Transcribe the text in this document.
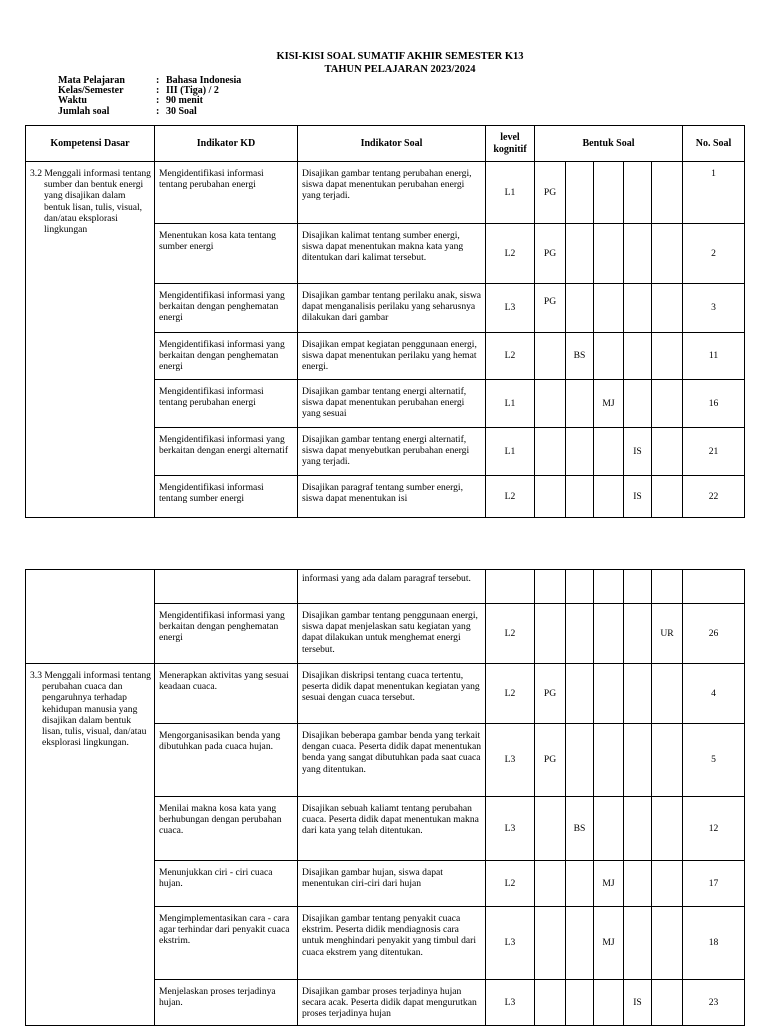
KISI-KISI SOAL SUMATIF AKHIR SEMESTER K13
TAHUN PELAJARAN 2023/2024
Mata Pelajaran	: Bahasa Indonesia
Kelas/Semester	: III (Tiga) / 2
Waktu	: 90 menit
Jumlah soal	: 30 Soal
Kompetensi Dasar	Indikator KD	Indikator Soal	level kognitif	Bentuk Soal					No. Soal

3.2 Menggali informasi tentang sumber dan bentuk energi yang disajikan dalam bentuk lisan, tulis, visual, dan/atau eksplorasi lingkungan	Mengidentifikasi informasi tentang perubahan energi	Disajikan gambar tentang perubahan energi, siswa dapat menentukan perubahan energi yang terjadi.	L1	PG					1
	Menentukan kosa kata tentang sumber energi	Disajikan kalimat tentang sumber energi, siswa dapat menentukan makna kata yang ditentukan dari kalimat tersebut.	L2	PG					2
	Mengidentifikasi informasi yang berkaitan dengan penghematan energi	Disajikan gambar tentang perilaku anak, siswa dapat menganalisis perilaku yang seharusnya dilakukan dari gambar	L3	PG					3
	Mengidentifikasi informasi yang berkaitan dengan penghematan energi	Disajikan empat kegiatan penggunaan energi, siswa dapat menentukan perilaku yang hemat energi.	L2		BS				11
	Mengidentifikasi informasi tentang perubahan energi	Disajikan gambar tentang energi alternatif, siswa dapat menentukan perubahan energi yang sesuai	L1			MJ			16
	Mengidentifikasi informasi yang berkaitan dengan energi alternatif	Disajikan gambar tentang energi alternatif, siswa dapat menyebutkan perubahan energi yang terjadi.	L1				IS		21
	Mengidentifikasi informasi tentang sumber energi	Disajikan paragraf tentang sumber energi, siswa dapat menentukan isi	L2				IS		22
		informasi yang ada dalam paragraf tersebut.							
	Mengidentifikasi informasi yang berkaitan dengan penghematan energi	Disajikan gambar tentang penggunaan energi, siswa dapat menjelaskan satu kegiatan yang dapat dilakukan untuk menghemat energi tersebut.	L2					UR	26

3.3 Menggali informasi tentang perubahan cuaca dan pengaruhnya terhadap kehidupan manusia yang disajikan dalam bentuk lisan, tulis, visual, dan/atau eksplorasi lingkungan.	Menerapkan aktivitas yang sesuai keadaan cuaca.	Disajikan diskripsi tentang cuaca tertentu, peserta didik dapat menentukan kegiatan yang sesuai dengan cuaca tersebut.	L2	PG					4
	Mengorganisasikan benda yang dibutuhkan pada cuaca hujan.	Disajikan beberapa gambar benda yang terkait dengan cuaca. Peserta didik dapat menentukan benda yang sangat dibutuhkan pada saat cuaca yang ditentukan.	L3	PG					5
	Menilai makna kosa kata yang berhubungan dengan perubahan cuaca.	Disajikan sebuah kaliamt tentang perubahan cuaca. Peserta didik dapat menentukan makna dari kata yang telah ditentukan.	L3		BS				12
	Menunjukkan ciri - ciri cuaca hujan.	Disajikan gambar hujan, siswa dapat menentukan ciri-ciri dari hujan	L2			MJ			17
	Mengimplementasikan cara - cara agar terhindar dari penyakit cuaca ekstrim.	Disajikan gambar tentang penyakit cuaca ekstrim. Peserta didik mendiagnosis cara untuk menghindari penyakit yang timbul dari cuaca ekstrem yang ditentukan.	L3			MJ			18
	Menjelaskan proses terjadinya hujan.	Disajikan gambar proses terjadinya hujan secara acak. Peserta didik dapat mengurutkan proses terjadinya hujan	L3				IS		23
